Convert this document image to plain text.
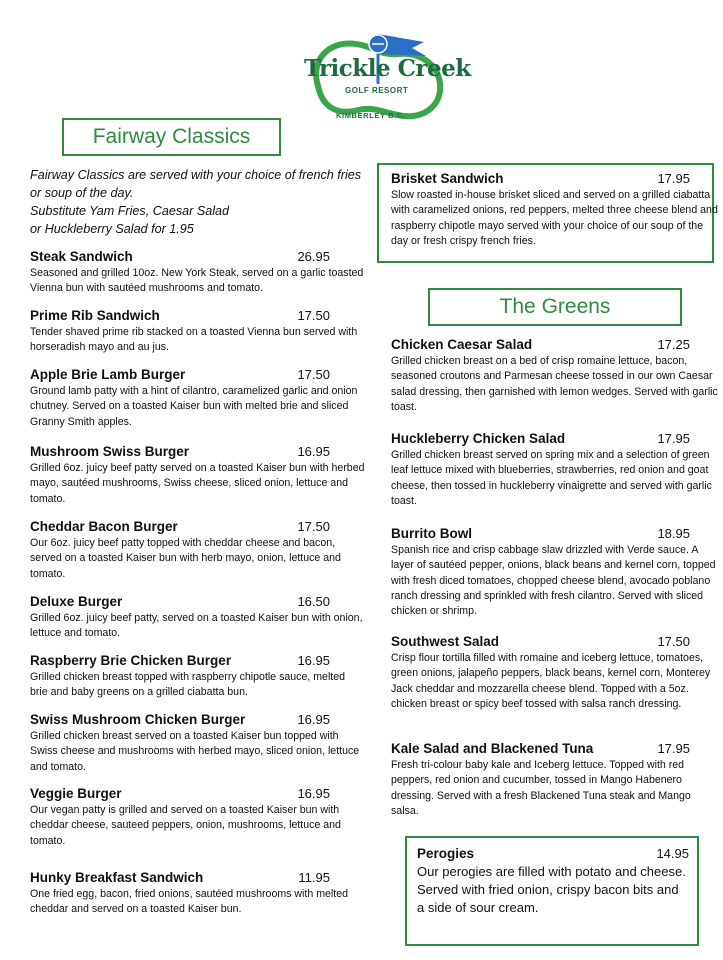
Trickle Creek
GOLF RESORT
KIMBERLEY B.C.
Fairway Classics
The Greens
Fairway Classics are served with your choice of french fries
or soup of the day.
Substitute Yam Fries, Caesar Salad
or Huckleberry Salad for 1.95
Steak Sandwich	26.95
Seasoned and grilled 10oz. New York Steak, served on a garlic toasted Vienna bun with sautéed mushrooms and tomato.
Prime Rib Sandwich	17.50
Tender shaved prime rib stacked on a toasted Vienna bun served with horseradish mayo and au jus.
Apple Brie Lamb Burger	17.50
Ground lamb patty with a hint of cilantro, caramelized garlic and onion chutney. Served on a toasted Kaiser bun with melted brie and sliced Granny Smith apples.
Mushroom Swiss Burger	16.95
Grilled 6oz. juicy beef patty served on a toasted Kaiser bun with herbed mayo, sautéed mushrooms, Swiss cheese, sliced onion, lettuce and tomato.
Cheddar Bacon Burger	17.50
Our 6oz. juicy beef patty topped with cheddar cheese and bacon, served on a toasted Kaiser bun with herb mayo, onion, lettuce and tomato.
Deluxe Burger	16.50
Grilled 6oz. juicy beef patty, served on a toasted Kaiser bun with onion, lettuce and tomato.
Raspberry Brie Chicken Burger	16.95
Grilled chicken breast topped with raspberry chipotle sauce, melted brie and baby greens on a grilled ciabatta bun.
Swiss Mushroom Chicken Burger	16.95
Grilled chicken breast served on a toasted Kaiser bun topped with Swiss cheese and mushrooms with herbed mayo, sliced onion, lettuce and tomato.
Veggie Burger	16.95
Our vegan patty is grilled and served on a toasted Kaiser bun with cheddar cheese, sauteed peppers, onion, mushrooms, lettuce and tomato.
Hunky Breakfast Sandwich	11.95
One fried egg, bacon, fried onions, sautéed mushrooms with melted cheddar and served on a toasted Kaiser bun.
Brisket Sandwich	17.95
Slow roasted in-house brisket sliced and served on a grilled ciabatta with caramelized onions, red peppers, melted three cheese blend and raspberry chipotle mayo served with your choice of our soup of the day or fresh crispy french fries.
Chicken Caesar Salad	17.25
Grilled chicken breast on a bed of crisp romaine lettuce, bacon, seasoned croutons and Parmesan cheese tossed in our own Caesar salad dressing, then garnished with lemon wedges. Served with garlic toast.
Huckleberry Chicken Salad	17.95
Grilled chicken breast served on spring mix and a selection of green leaf lettuce mixed with blueberries, strawberries, red onion and goat cheese, then tossed in huckleberry vinaigrette and served with garlic toast.
Burrito Bowl	18.95
Spanish rice and crisp cabbage slaw drizzled with Verde sauce. A layer of sautéed pepper, onions, black beans and kernel corn, topped with fresh diced tomatoes, chopped cheese blend, avocado poblano ranch dressing and sprinkled with fresh cilantro. Served with sliced chicken or shrimp.
Southwest Salad	17.50
Crisp flour tortilla filled with romaine and iceberg lettuce, tomatoes, green onions, jalapeño peppers, black beans, kernel corn, Monterey Jack cheddar and mozzarella cheese blend. Topped with a 5oz. chicken breast or spicy beef tossed with salsa ranch dressing.
Kale Salad and Blackened Tuna	17.95
Fresh tri-colour baby kale and Iceberg lettuce. Topped with red peppers, red onion and cucumber, tossed in Mango Habenero dressing. Served with a fresh Blackened Tuna steak and Mango salsa.
Perogies	14.95
Our perogies are filled with potato and cheese. Served with fried onion, crispy bacon bits and a side of sour cream.
